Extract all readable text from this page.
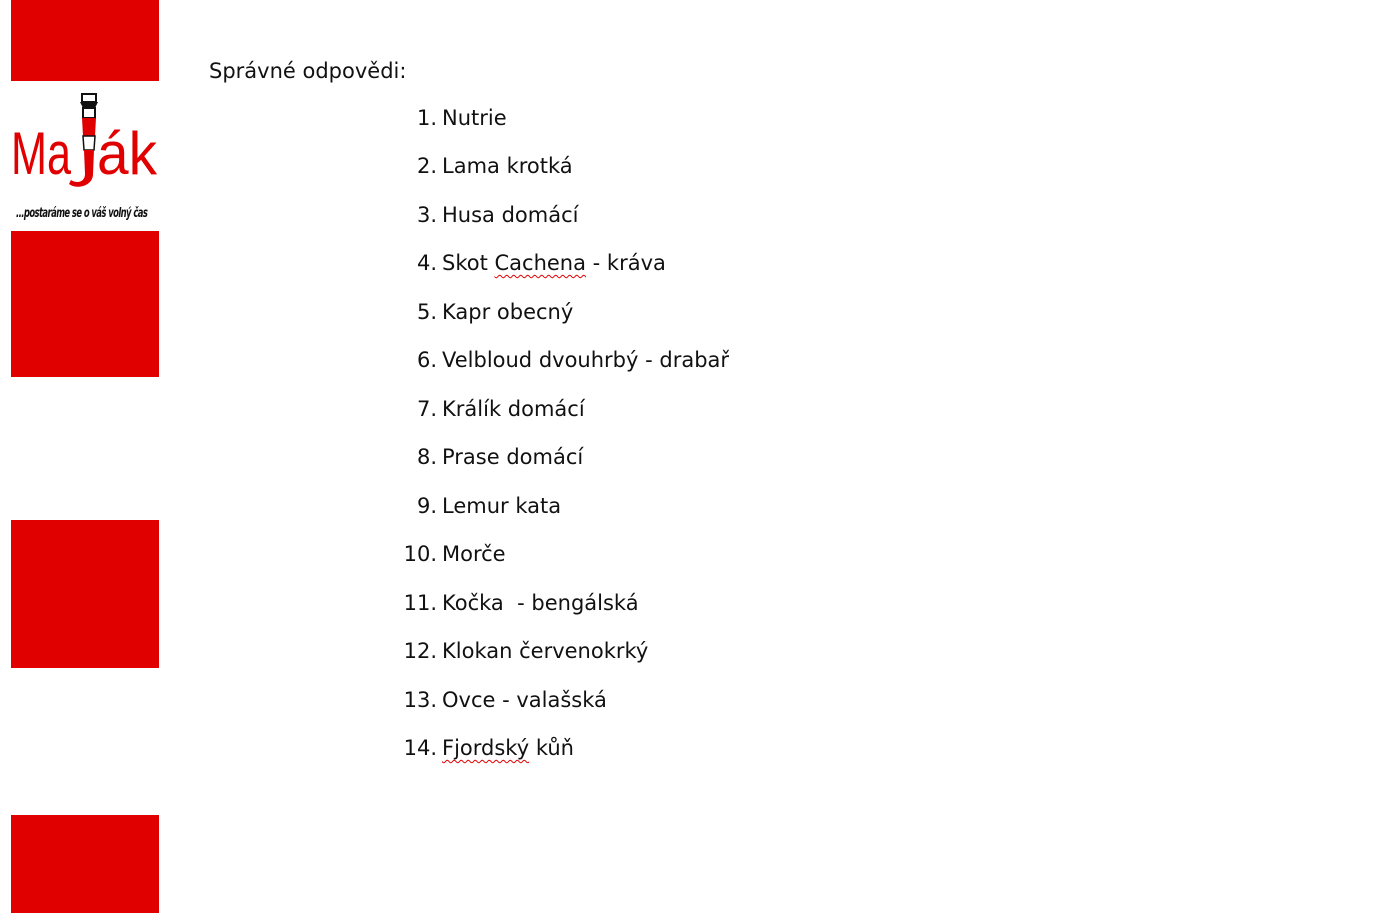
Ma ák
...postaráme se o váš volný čas
Správné odpovědi:
1. Nutrie
2. Lama krotká
3. Husa domácí
4. Skot Cachena - kráva
5. Kapr obecný
6. Velbloud dvouhrbý - drabař
7. Králík domácí
8. Prase domácí
9. Lemur kata
10. Morče
11. Kočka  - bengálská
12. Klokan červenokrký
13. Ovce - valašská
14. Fjordský kůň
